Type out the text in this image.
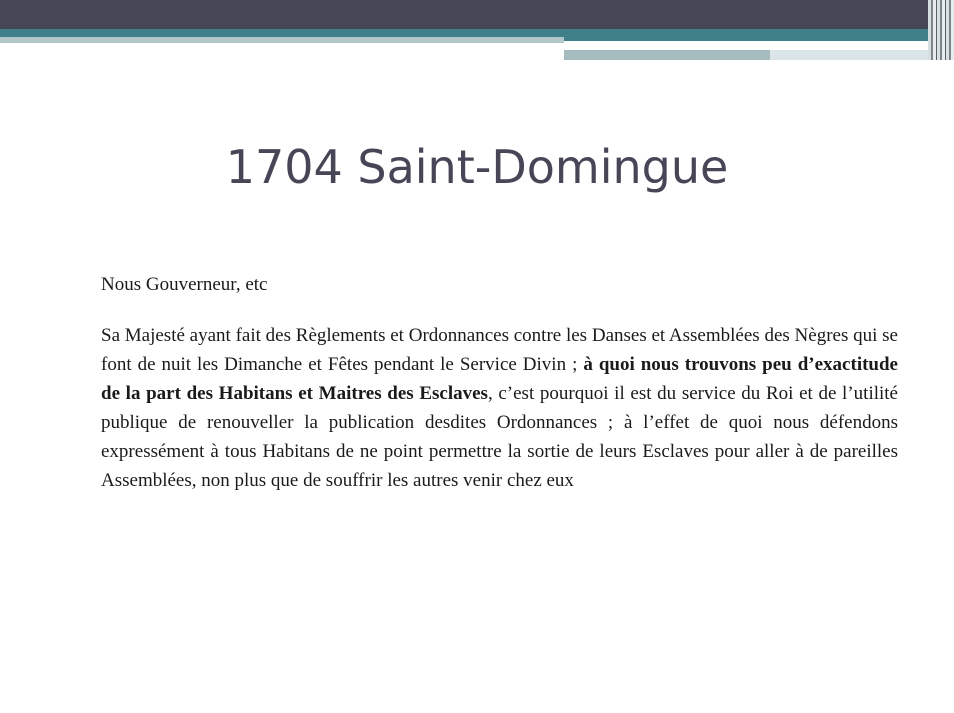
1704 Saint-Domingue

Nous Gouverneur, etc

Sa Majesté ayant fait des Règlements et Ordonnances contre les Danses et Assemblées des Nègres qui se font de nuit les Dimanche et Fêtes pendant le Service Divin ; à quoi nous trouvons peu d’exactitude de la part des Habitans et Maitres des Esclaves, c’est pourquoi il est du service du Roi et de l’utilité publique de renouveller la publication desdites Ordonnances ; à l’effet de quoi nous défendons expressément à tous Habitans de ne point permettre la sortie de leurs Esclaves pour aller à de pareilles Assemblées, non plus que de souffrir les autres venir chez eux
